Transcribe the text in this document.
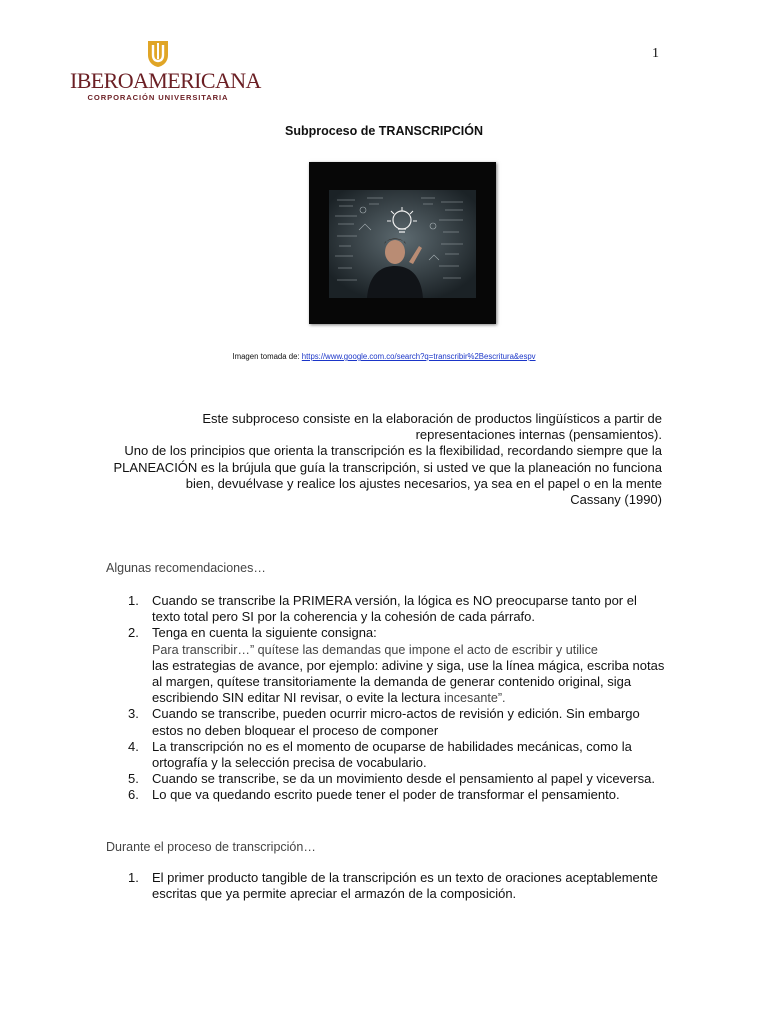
1
IBEROAMERICANA
CORPORACIÓN UNIVERSITARIA
Subproceso de TRANSCRIPCIÓN
Imagen tomada de: https://www.google.com.co/search?q=transcribir%2Bescritura&espv

Este subproceso consiste en la elaboración de productos lingüísticos a partir de

representaciones internas (pensamientos).

Uno de los principios que orienta la transcripción es la flexibilidad, recordando siempre que la PLANEACIÓN es la brújula que guía la transcripción, si usted ve que la planeación no funciona bien, devuélvase y realice los ajustes necesarios, ya sea en el papel o en la mente

Cassany (1990)

Algunas recomendaciones…
1. Cuando se transcribe la PRIMERA versión, la lógica es NO preocuparse tanto por el texto total pero SI por la coherencia y la cohesión de cada párrafo.
2. Tenga en cuenta la siguiente consigna:
Para transcribir…” quítese las demandas que impone el acto de escribir y utilice
las estrategias de avance, por ejemplo: adivine y siga, use la línea mágica, escriba notas al margen, quítese transitoriamente la demanda de generar contenido original, siga escribiendo SIN editar NI revisar, o evite la lectura incesante”.
3. Cuando se transcribe, pueden ocurrir micro-actos de revisión y edición. Sin embargo estos no deben bloquear el proceso de componer
4. La transcripción no es el momento de ocuparse de habilidades mecánicas, como la ortografía y la selección precisa de vocabulario.
5. Cuando se transcribe, se da un movimiento desde el pensamiento al papel y viceversa.
6. Lo que va quedando escrito puede tener el poder de transformar el pensamiento.
Durante el proceso de transcripción…
1. El primer producto tangible de la transcripción es un texto de oraciones aceptablemente escritas que ya permite apreciar el armazón de la composición.
